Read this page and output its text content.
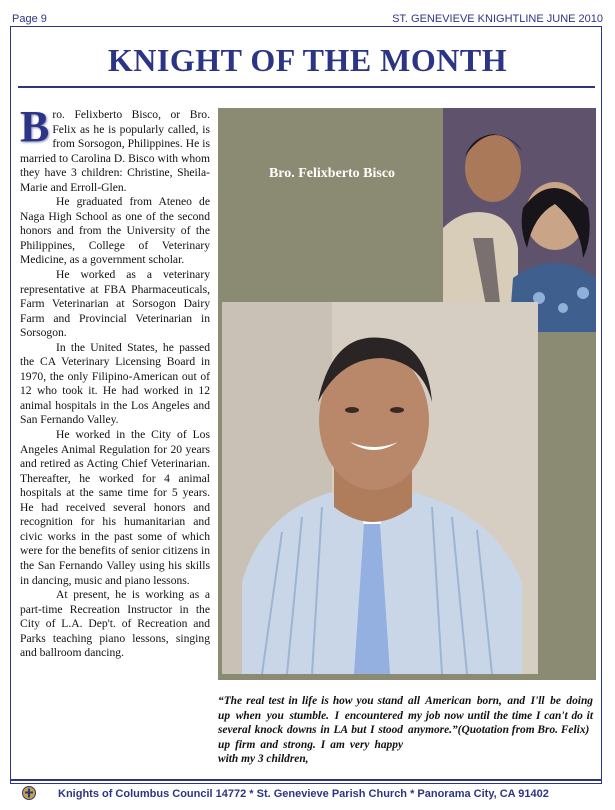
Page 9	ST. GENEVIEVE KNIGHTLINE JUNE 2010
KNIGHT OF THE MONTH

Bro. Felixberto Bisco, or Bro. Felix as he is popularly called, is from Sorsogon, Philippines. He is married to Carolina D. Bisco with whom they have 3 children: Christine, Sheila-Marie and Erroll-Glen.

He graduated from Ateneo de Naga High School as one of the second honors and from the University of the Philippines, College of Veterinary Medicine, as a government scholar.

He worked as a veterinary representative at FBA Pharmaceuticals, Farm Veterinarian at Sorsogon Dairy Farm and Provincial Veterinarian in Sorsogon.

In the United States, he passed the CA Veterinary Licensing Board in 1970, the only Filipino-American out of 12 who took it. He had worked in 12 animal hospitals in the Los Angeles and San Fernando Valley.

He worked in the City of Los Angeles Animal Regulation for 20 years and retired as Acting Chief Veterinarian. Thereafter, he worked for 4 animal hospitals at the same time for 5 years. He had received several honors and recognition for his humanitarian and civic works in the past some of which were for the benefits of senior citizens in the San Fernando Valley using his skills in dancing, music and piano lessons.

At present, he is working as a part-time Recreation Instructor in the City of L.A. Dep't. of Recreation and Parks teaching piano lessons, singing and ballroom dancing.

Bro. Felixberto Bisco
“The real test in life is how you stand up when you stumble. I encountered several knock downs in LA but I stood up firm and strong. I am very happy with my 3 children,
all American born, and I'll be doing my job now until the time I can't do it anymore.”(Quotation from Bro. Felix)
Knights of Columbus Council 14772 * St. Genevieve Parish Church * Panorama City, CA 91402
